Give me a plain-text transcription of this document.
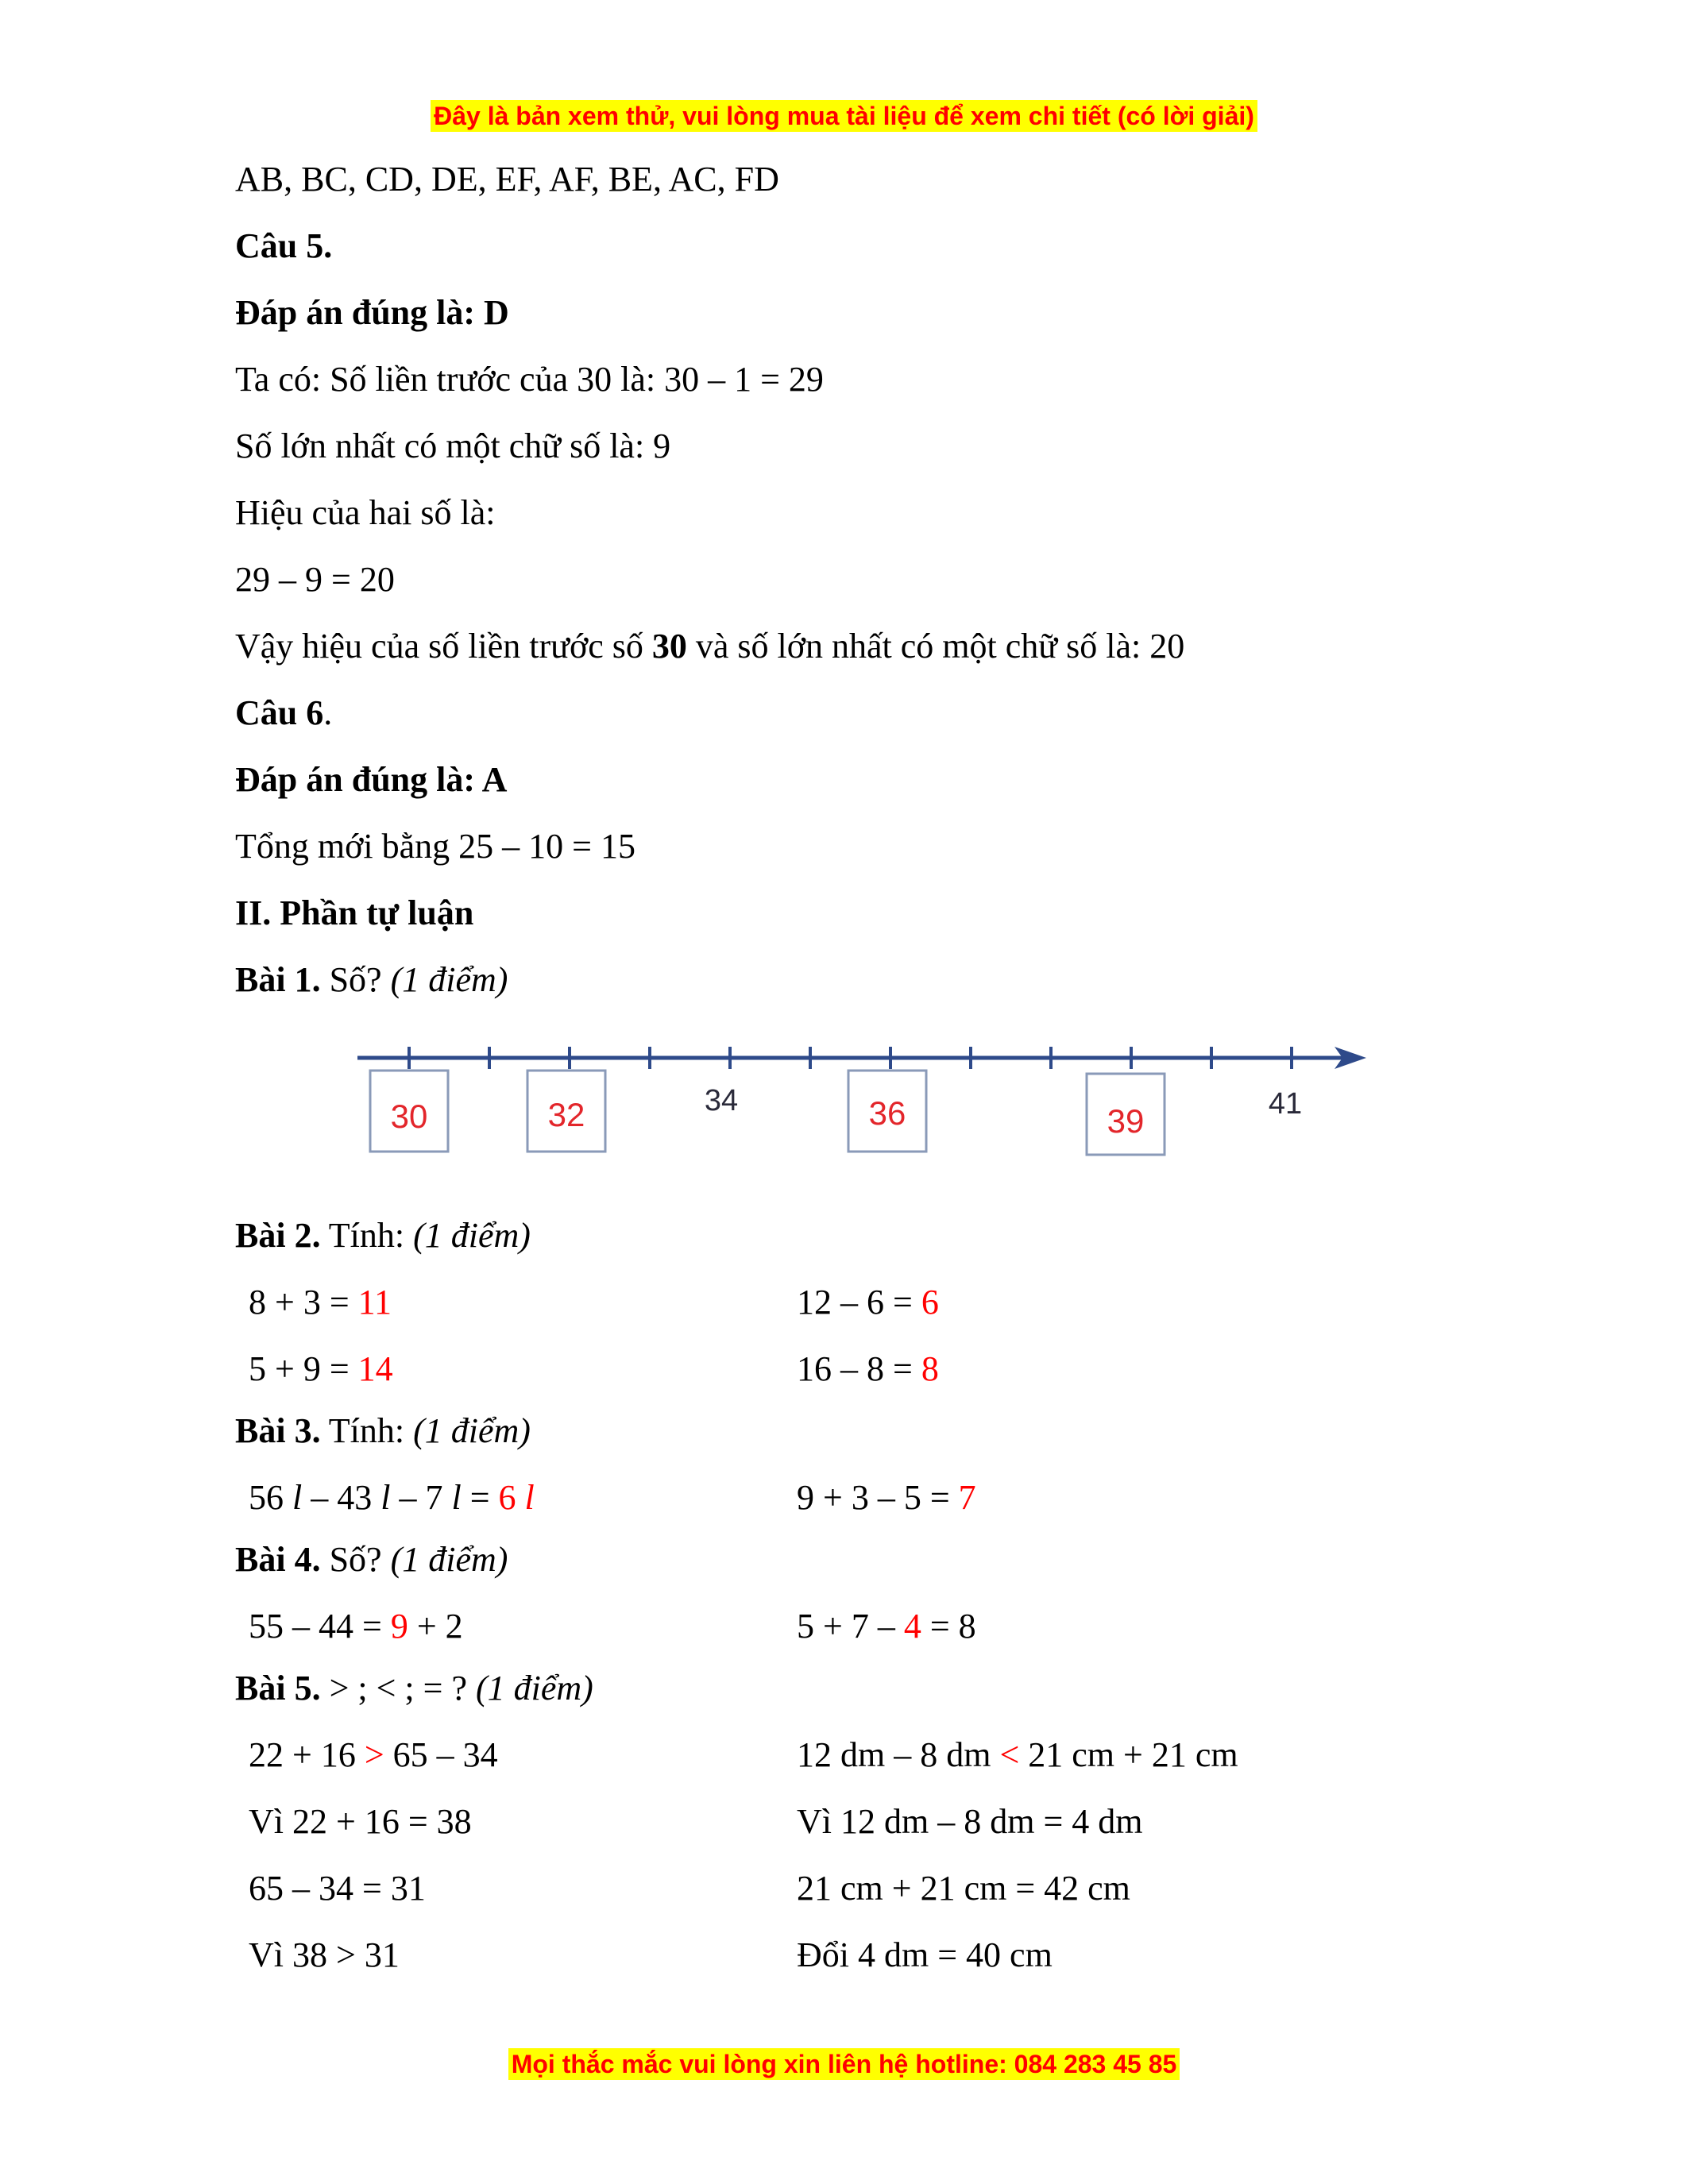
Đây là bản xem thử, vui lòng mua tài liệu để xem chi tiết (có lời giải)
AB, BC, CD, DE, EF, AF, BE, AC, FD
Câu 5.
Đáp án đúng là: D
Ta có: Số liền trước của 30 là: 30 – 1 = 29
Số lớn nhất có một chữ số là: 9
Hiệu của hai số là:
29 – 9 = 20
Vậy hiệu của số liền trước số 30 và số lớn nhất có một chữ số là: 20
Câu 6.
Đáp án đúng là: A
Tổng mới bằng 25 – 10 = 15
II. Phần tự luận
Bài 1. Số? (1 điểm)
30	32	34	36	39	41
Bài 2. Tính: (1 điểm)
8 + 3 = 11	12 – 6 = 6
5 + 9 = 14	16 – 8 = 8
Bài 3. Tính: (1 điểm)
56 l – 43 l – 7 l = 6 l	9 + 3 – 5 = 7
Bài 4. Số? (1 điểm)
55 – 44 = 9 + 2	5 + 7 – 4 = 8
Bài 5. > ; < ; = ? (1 điểm)
22 + 16 > 65 – 34	12 dm – 8 dm < 21 cm + 21 cm
Vì 22 + 16 = 38	Vì 12 dm – 8 dm = 4 dm
65 – 34 = 31	21 cm + 21 cm = 42 cm
Vì 38 > 31	Đổi 4 dm = 40 cm
Mọi thắc mắc vui lòng xin liên hệ hotline: 084 283 45 85
